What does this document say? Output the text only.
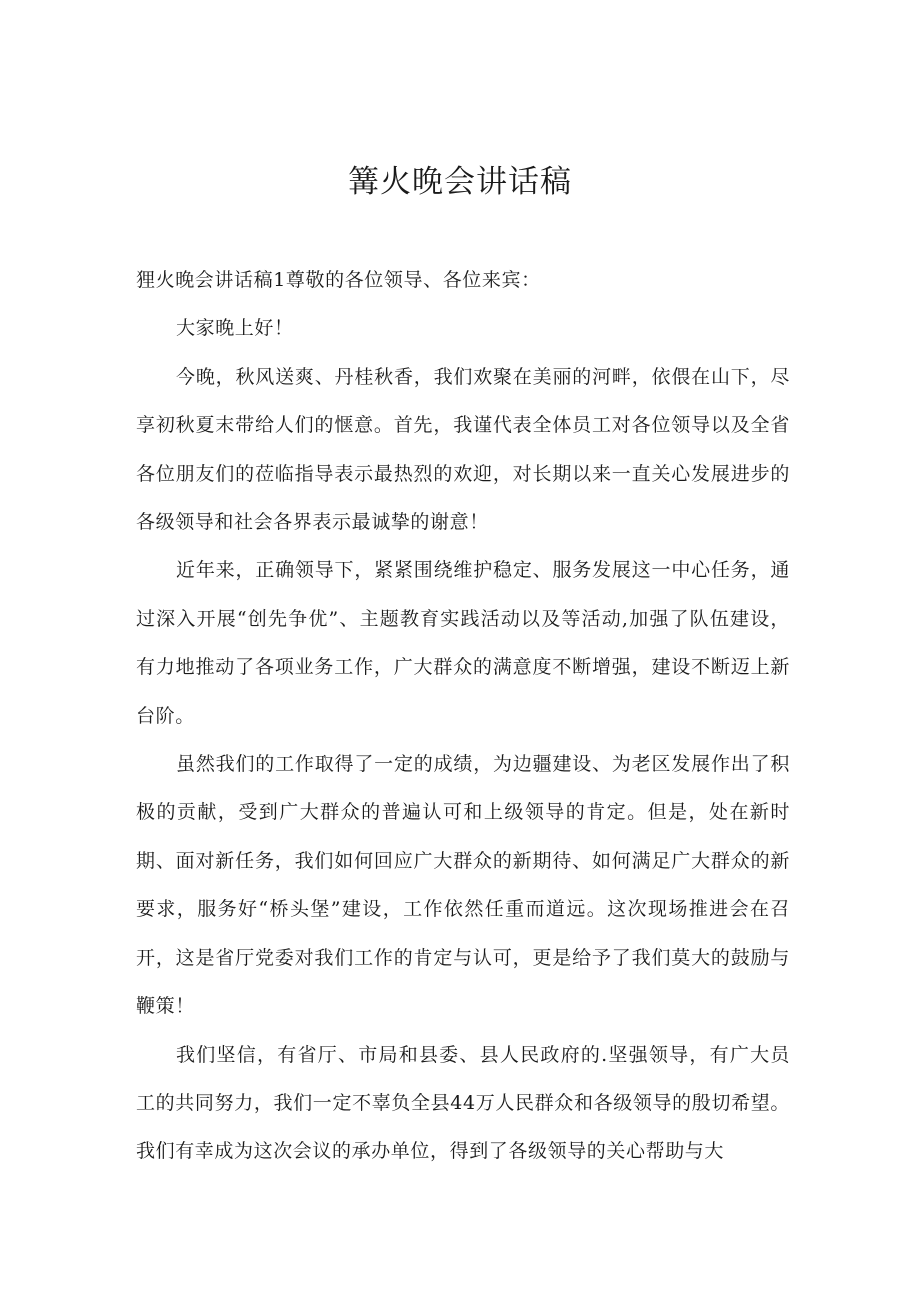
篝火晚会讲话稿

狸火晚会讲话稿1尊敬的各位领导、各位来宾：

大家晚上好！

今晚，秋风送爽、丹桂秋香，我们欢聚在美丽的河畔，依偎在山下，尽享初秋夏末带给人们的惬意。首先，我谨代表全体员工对各位领导以及全省各位朋友们的莅临指导表示最热烈的欢迎，对长期以来一直关心发展进步的各级领导和社会各界表示最诚挚的谢意！

近年来，正确领导下，紧紧围绕维护稳定、服务发展这一中心任务，通过深入开展“创先争优”、主题教育实践活动以及等活动,加强了队伍建设，有力地推动了各项业务工作，广大群众的满意度不断增强，建设不断迈上新台阶。

虽然我们的工作取得了一定的成绩，为边疆建设、为老区发展作出了积极的贡献，受到广大群众的普遍认可和上级领导的肯定。但是，处在新时期、面对新任务，我们如何回应广大群众的新期待、如何满足广大群众的新要求，服务好“桥头堡”建设，工作依然任重而道远。这次现场推进会在召开，这是省厅党委对我们工作的肯定与认可，更是给予了我们莫大的鼓励与鞭策！

我们坚信，有省厅、市局和县委、县人民政府的.坚强领导，有广大员工的共同努力，我们一定不辜负全县44万人民群众和各级领导的殷切希望。我们有幸成为这次会议的承办单位，得到了各级领导的关心帮助与大
